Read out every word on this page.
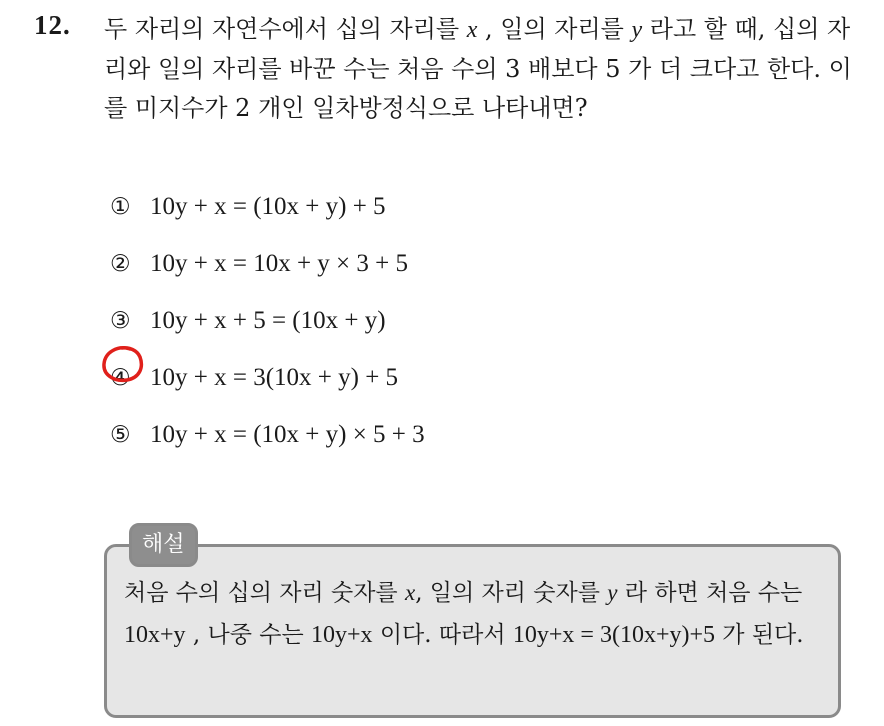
12. 두 자리의 자연수에서 십의 자리를 x , 일의 자리를 y 라고 할 때, 십의 자리와 일의 자리를 바꾼 수는 처음 수의 3 배보다 5 가 더 크다고 한다. 이를 미지수가 2 개인 일차방정식으로 나타내면?

① 10y + x = (10x + y) + 5
② 10y + x = 10x + y × 3 + 5
③ 10y + x + 5 = (10x + y)
④ 10y + x = 3(10x + y) + 5
⑤ 10y + x = (10x + y) × 5 + 3
해설

처음 수의 십의 자리 숫자를 x, 일의 자리 숫자를 y 라 하면 처음 수는 10x+y , 나중 수는 10y+x 이다. 따라서 10y+x = 3(10x+y)+5 가 된다.
